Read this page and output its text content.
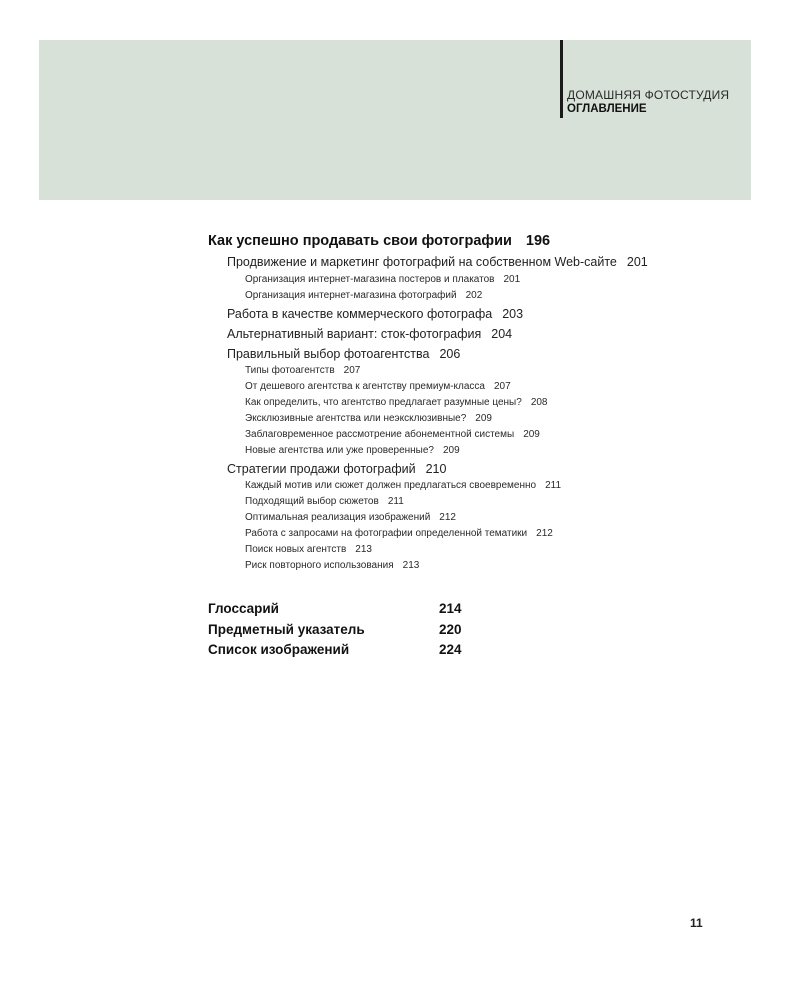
ДОМАШНЯЯ ФОТОСТУДИЯ
ОГЛАВЛЕНИЕ
Как успешно продавать свои фотографии 196
Продвижение и маркетинг фотографий на собственном Web-сайте 201
Организация интернет-магазина постеров и плакатов 201
Организация интернет-магазина фотографий 202
Работа в качестве коммерческого фотографа 203
Альтернативный вариант: сток-фотография 204
Правильный выбор фотоагентства 206
Типы фотоагентств 207
От дешевого агентства к агентству премиум-класса 207
Как определить, что агентство предлагает разумные цены? 208
Эксклюзивные агентства или неэксклюзивные? 209
Заблаговременное рассмотрение абонементной системы 209
Новые агентства или уже проверенные? 209
Стратегии продажи фотографий 210
Каждый мотив или сюжет должен предлагаться своевременно 211
Подходящий выбор сюжетов 211
Оптимальная реализация изображений 212
Работа с запросами на фотографии определенной тематики 212
Поиск новых агентств 213
Риск повторного использования 213
Глоссарий	214
Предметный указатель	220
Список изображений	224
11
